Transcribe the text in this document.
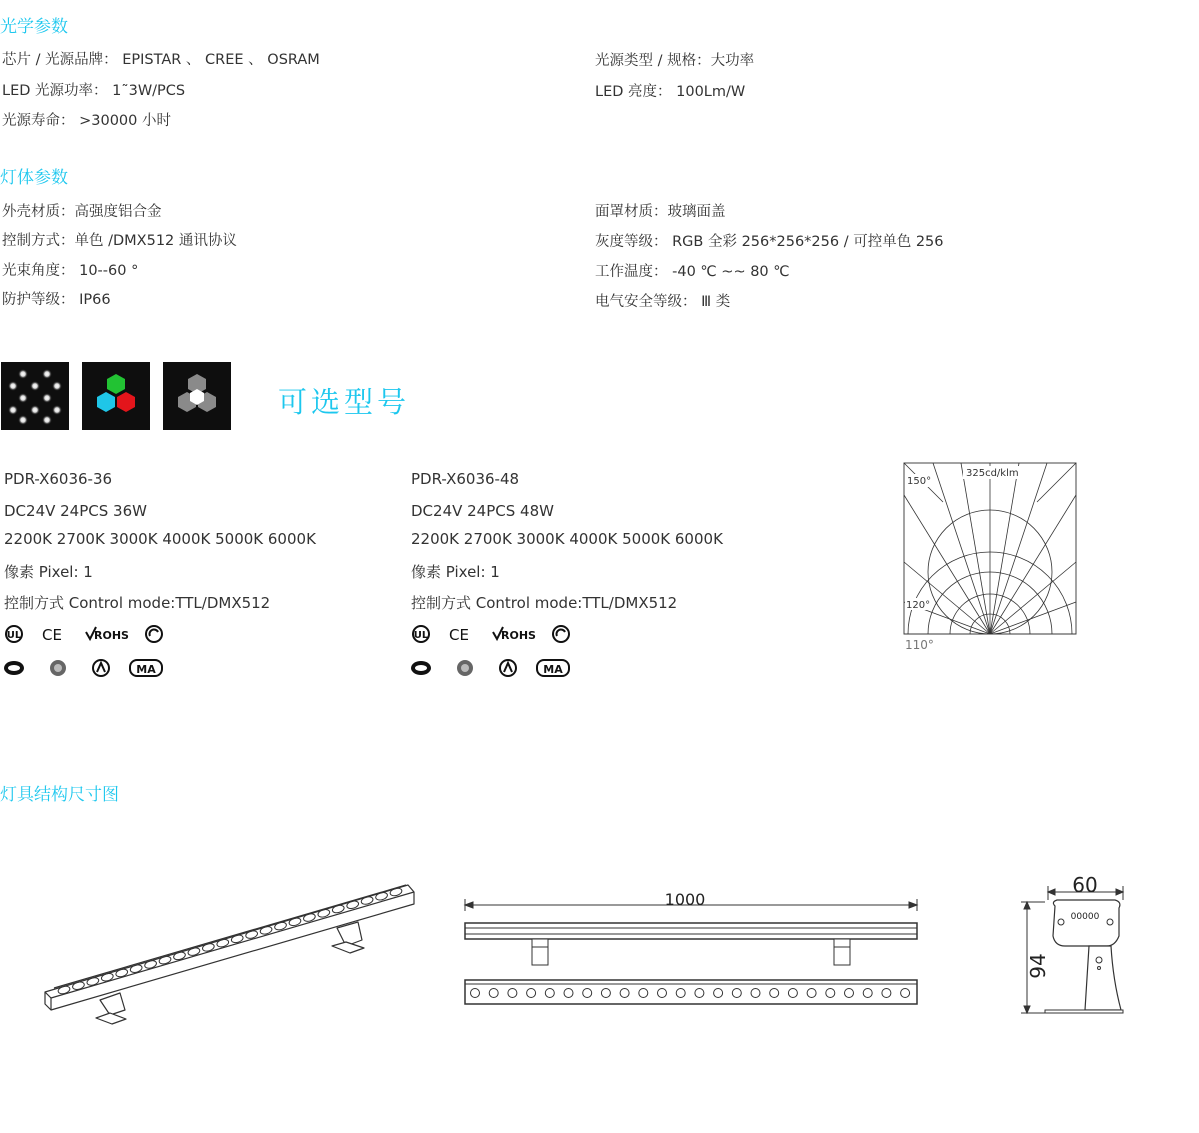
光学参数
芯片 / 光源品牌： EPISTAR 、 CREE 、 OSRAM
LED 光源功率： 1˜3W/PCS
光源寿命： >30000 小时
光源类型 / 规格：大功率
LED 亮度： 100Lm/W
灯体参数
外壳材质：高强度铝合金
控制方式：单色 /DMX512 通讯协议
光束角度： 10--60 °
防护等级： IP66
面罩材质：玻璃面盖
灰度等级： RGB 全彩 256*256*256 / 可控单色 256
工作温度： -40 ℃ ~~ 80 ℃
电气安全等级： Ⅲ 类
可选型号
PDR-X6036-36
DC24V 24PCS 36W
2200K 2700K 3000K 4000K 5000K 6000K
像素 Pixel: 1
控制方式 Control mode:TTL/DMX512
PDR-X6036-48
DC24V 24PCS 48W
2200K 2700K 3000K 4000K 5000K 6000K
像素 Pixel: 1
控制方式 Control mode:TTL/DMX512
UL CE	ROHS
MA
UL CE	ROHS
MA
325cd/klm
150°
120°
110°
灯具结构尺寸图
1000
60
94
00000
